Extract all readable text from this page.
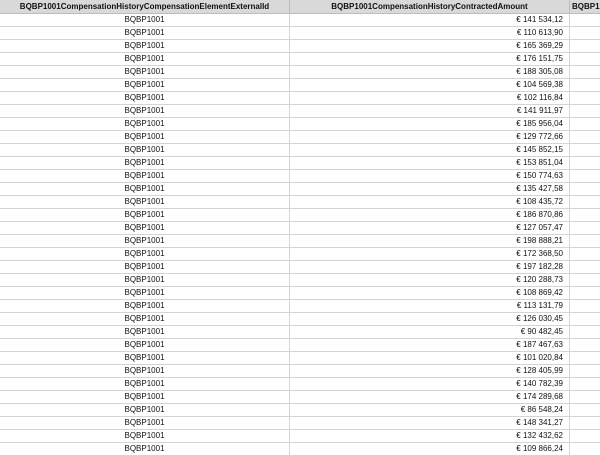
BQBP1001CompensationHistoryCompensationElementExternalId	BQBP1001CompensationHistoryContractedAmount	BQBP1
BQBP1001	€ 141 534,12
BQBP1001	€ 110 613,90
BQBP1001	€ 165 369,29
BQBP1001	€ 176 151,75
BQBP1001	€ 188 305,08
BQBP1001	€ 104 569,38
BQBP1001	€ 102 116,84
BQBP1001	€ 141 911,97
BQBP1001	€ 185 956,04
BQBP1001	€ 129 772,66
BQBP1001	€ 145 852,15
BQBP1001	€ 153 851,04
BQBP1001	€ 150 774,63
BQBP1001	€ 135 427,58
BQBP1001	€ 108 435,72
BQBP1001	€ 186 870,86
BQBP1001	€ 127 057,47
BQBP1001	€ 198 888,21
BQBP1001	€ 172 368,50
BQBP1001	€ 197 182,28
BQBP1001	€ 120 288,73
BQBP1001	€ 108 869,42
BQBP1001	€ 113 131,79
BQBP1001	€ 126 030,45
BQBP1001	€ 90 482,45
BQBP1001	€ 187 467,63
BQBP1001	€ 101 020,84
BQBP1001	€ 128 405,99
BQBP1001	€ 140 782,39
BQBP1001	€ 174 289,68
BQBP1001	€ 86 548,24
BQBP1001	€ 148 341,27
BQBP1001	€ 132 432,62
BQBP1001	€ 109 866,24
